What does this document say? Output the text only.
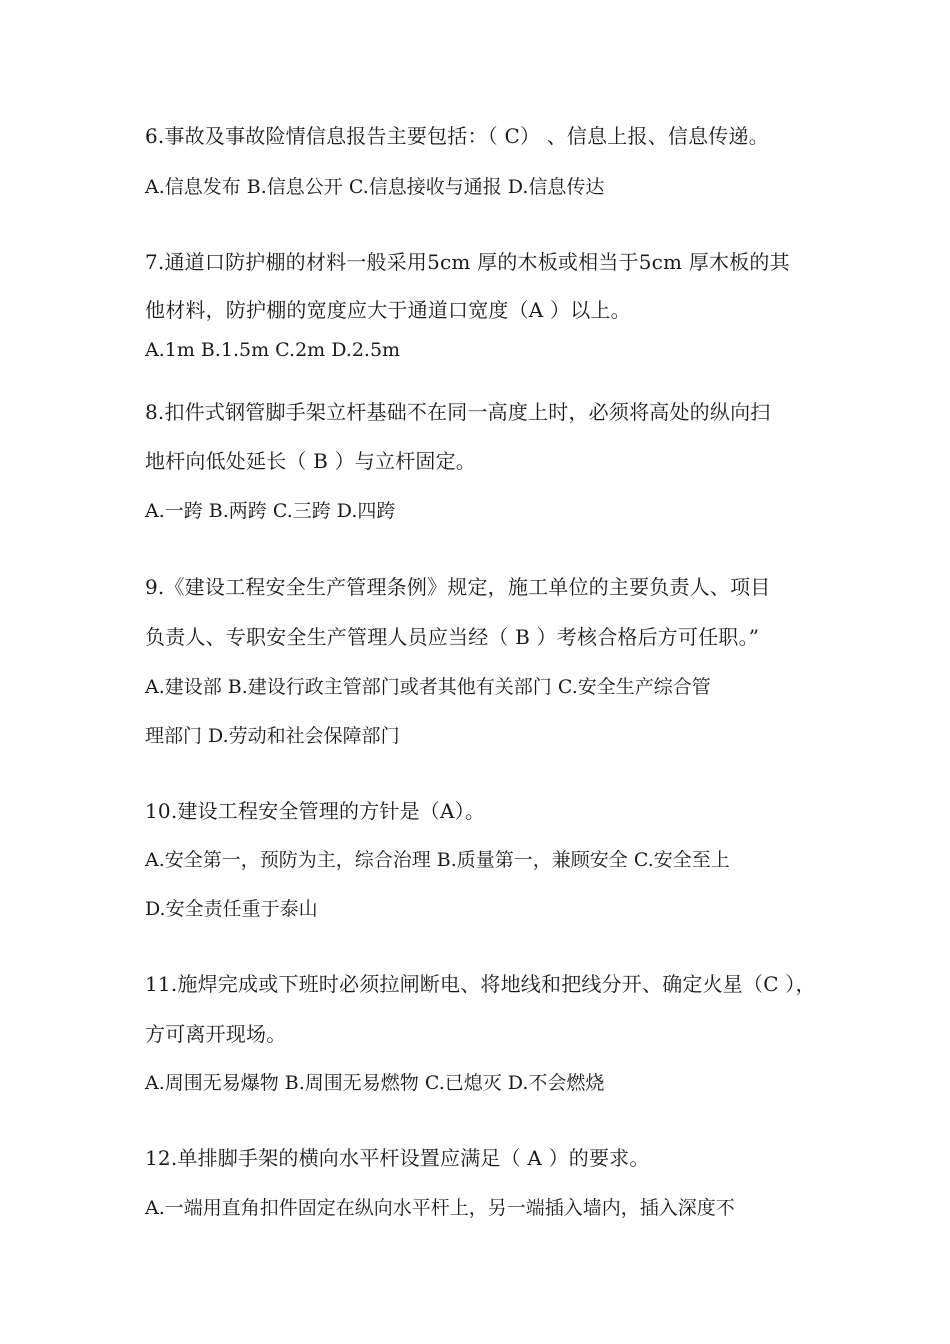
6.事故及事故险情信息报告主要包括：（ C） 、信息上报、信息传递。
A.信息发布 B.信息公开 C.信息接收与通报 D.信息传达
7.通道口防护棚的材料一般采用5cm 厚的木板或相当于5cm 厚木板的其
他材料，防护棚的宽度应大于通道口宽度（A ）以上。
A.1m B.1.5m C.2m D.2.5m
8.扣件式钢管脚手架立杆基础不在同一高度上时，必须将高处的纵向扫
地杆向低处延长（ B ）与立杆固定。
A.一跨 B.两跨 C.三跨 D.四跨
9.《建设工程安全生产管理条例》规定，施工单位的主要负责人、项目
负责人、专职安全生产管理人员应当经（ B ）考核合格后方可任职。”
A.建设部 B.建设行政主管部门或者其他有关部门 C.安全生产综合管
理部门 D.劳动和社会保障部门
10.建设工程安全管理的方针是（A）。
A.安全第一，预防为主，综合治理 B.质量第一，兼顾安全 C.安全至上
D.安全责任重于泰山
11.施焊完成或下班时必须拉闸断电、将地线和把线分开、确定火星（C ），
方可离开现场。
A.周围无易爆物 B.周围无易燃物 C.已熄灭 D.不会燃烧
12.单排脚手架的横向水平杆设置应满足（ A ）的要求。
A.一端用直角扣件固定在纵向水平杆上，另一端插入墙内，插入深度不
